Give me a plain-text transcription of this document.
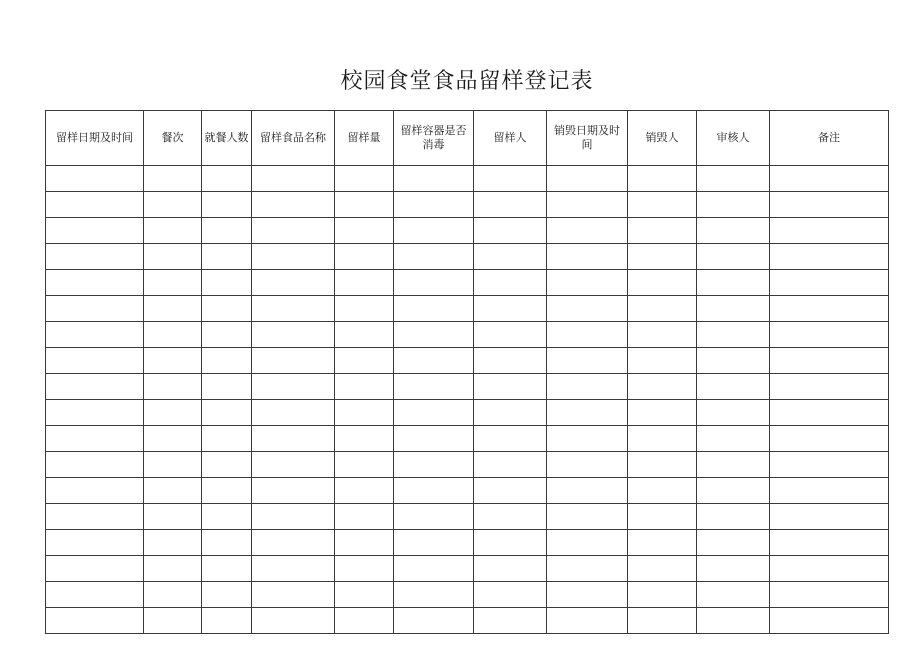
校园食堂食品留样登记表
留样日期及时间	餐次	就餐人数	留样食品名称	留样量	留样容器是否消毒	留样人	销毁日期及时间	销毁人	审核人	备注
